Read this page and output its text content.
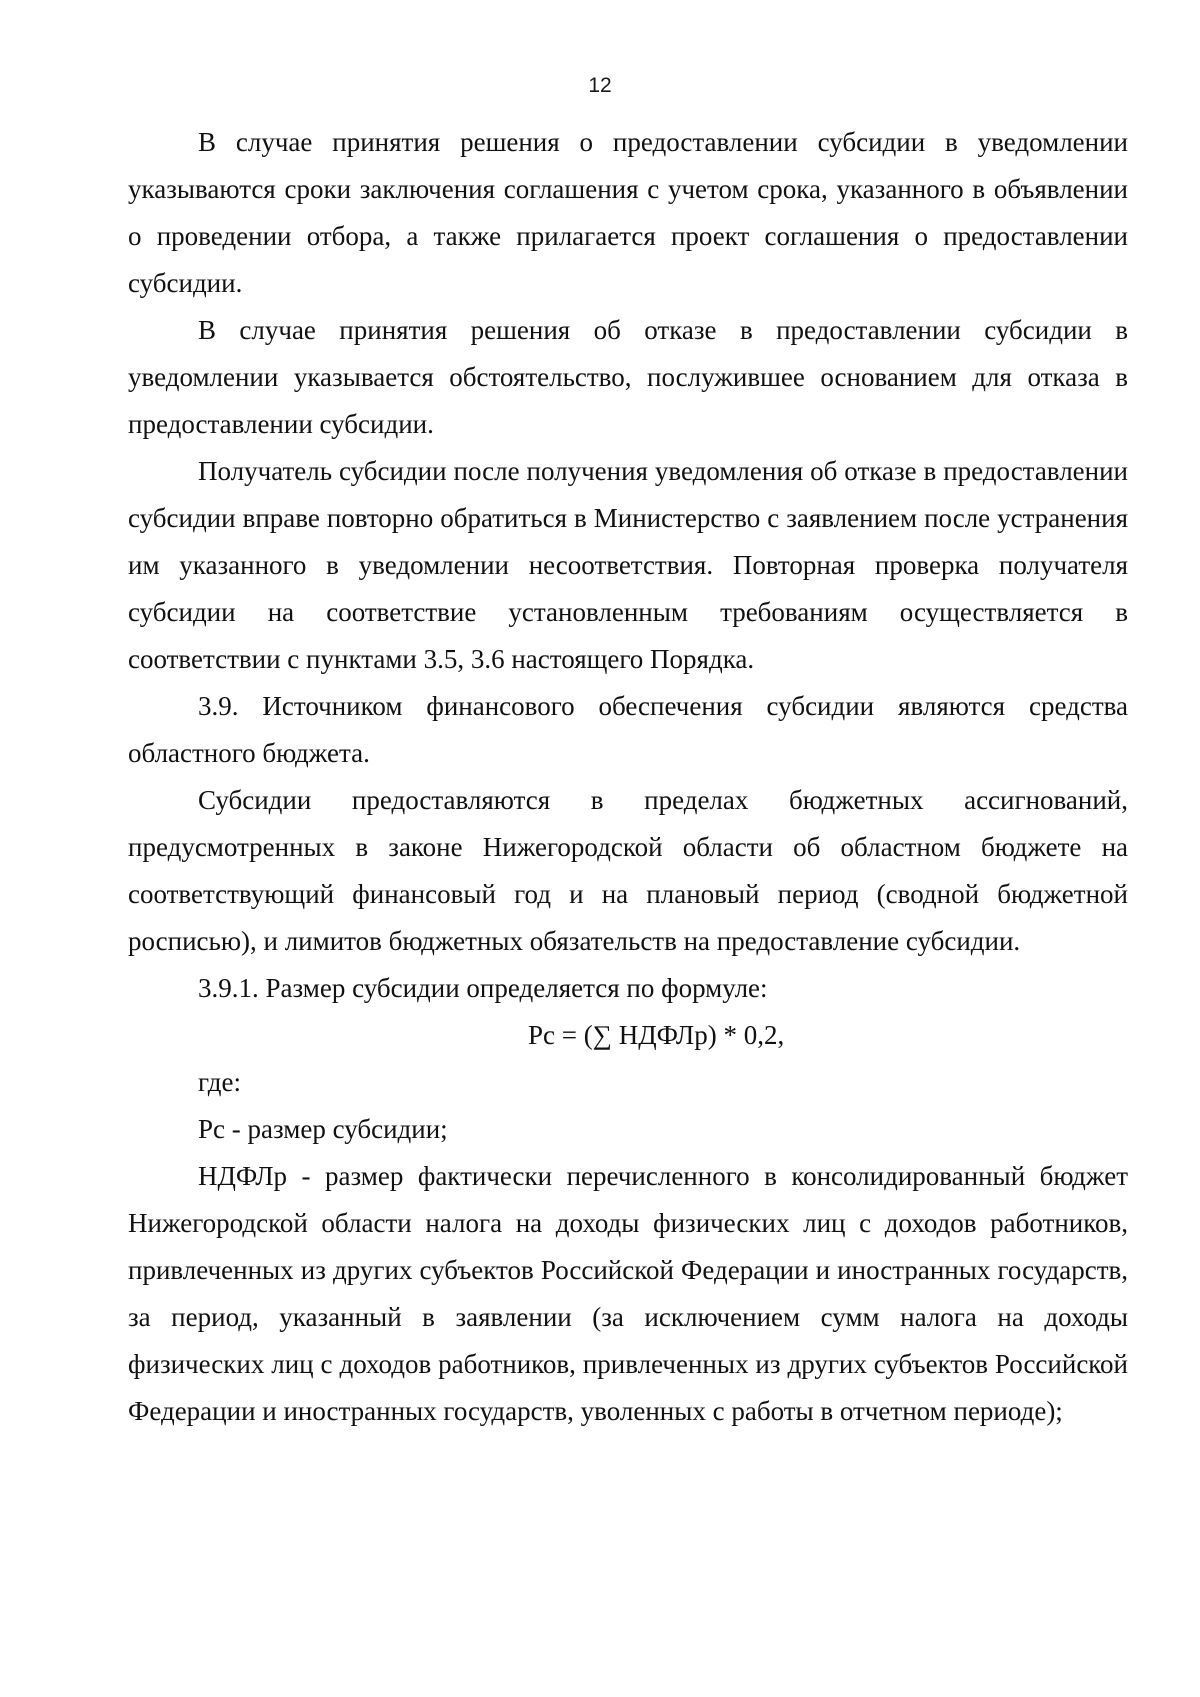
12

В случае принятия решения о предоставлении субсидии в уведомлении указываются сроки заключения соглашения с учетом срока, указанного в объявлении о проведении отбора, а также прилагается проект соглашения о предоставлении субсидии.

В случае принятия решения об отказе в предоставлении субсидии в уведомлении указывается обстоятельство, послужившее основанием для отказа в предоставлении субсидии.

Получатель субсидии после получения уведомления об отказе в предоставлении субсидии вправе повторно обратиться в Министерство с заявлением после устранения им указанного в уведомлении несоответствия. Повторная проверка получателя субсидии на соответствие установленным требованиям осуществляется в соответствии с пунктами 3.5, 3.6 настоящего Порядка.

3.9. Источником финансового обеспечения субсидии являются средства областного бюджета.

Субсидии предоставляются в пределах бюджетных ассигнований, предусмотренных в законе Нижегородской области об областном бюджете на соответствующий финансовый год и на плановый период (сводной бюджетной росписью), и лимитов бюджетных обязательств на предоставление субсидии.

3.9.1. Размер субсидии определяется по формуле:

Рс = (∑ НДФЛр) * 0,2,

где:

Рс - размер субсидии;

НДФЛр - размер фактически перечисленного в консолидированный бюджет Нижегородской области налога на доходы физических лиц с доходов работников, привлеченных из других субъектов Российской Федерации и иностранных государств, за период, указанный в заявлении (за исключением сумм налога на доходы физических лиц с доходов работников, привлеченных из других субъектов Российской Федерации и иностранных государств, уволенных с работы в отчетном периоде);
